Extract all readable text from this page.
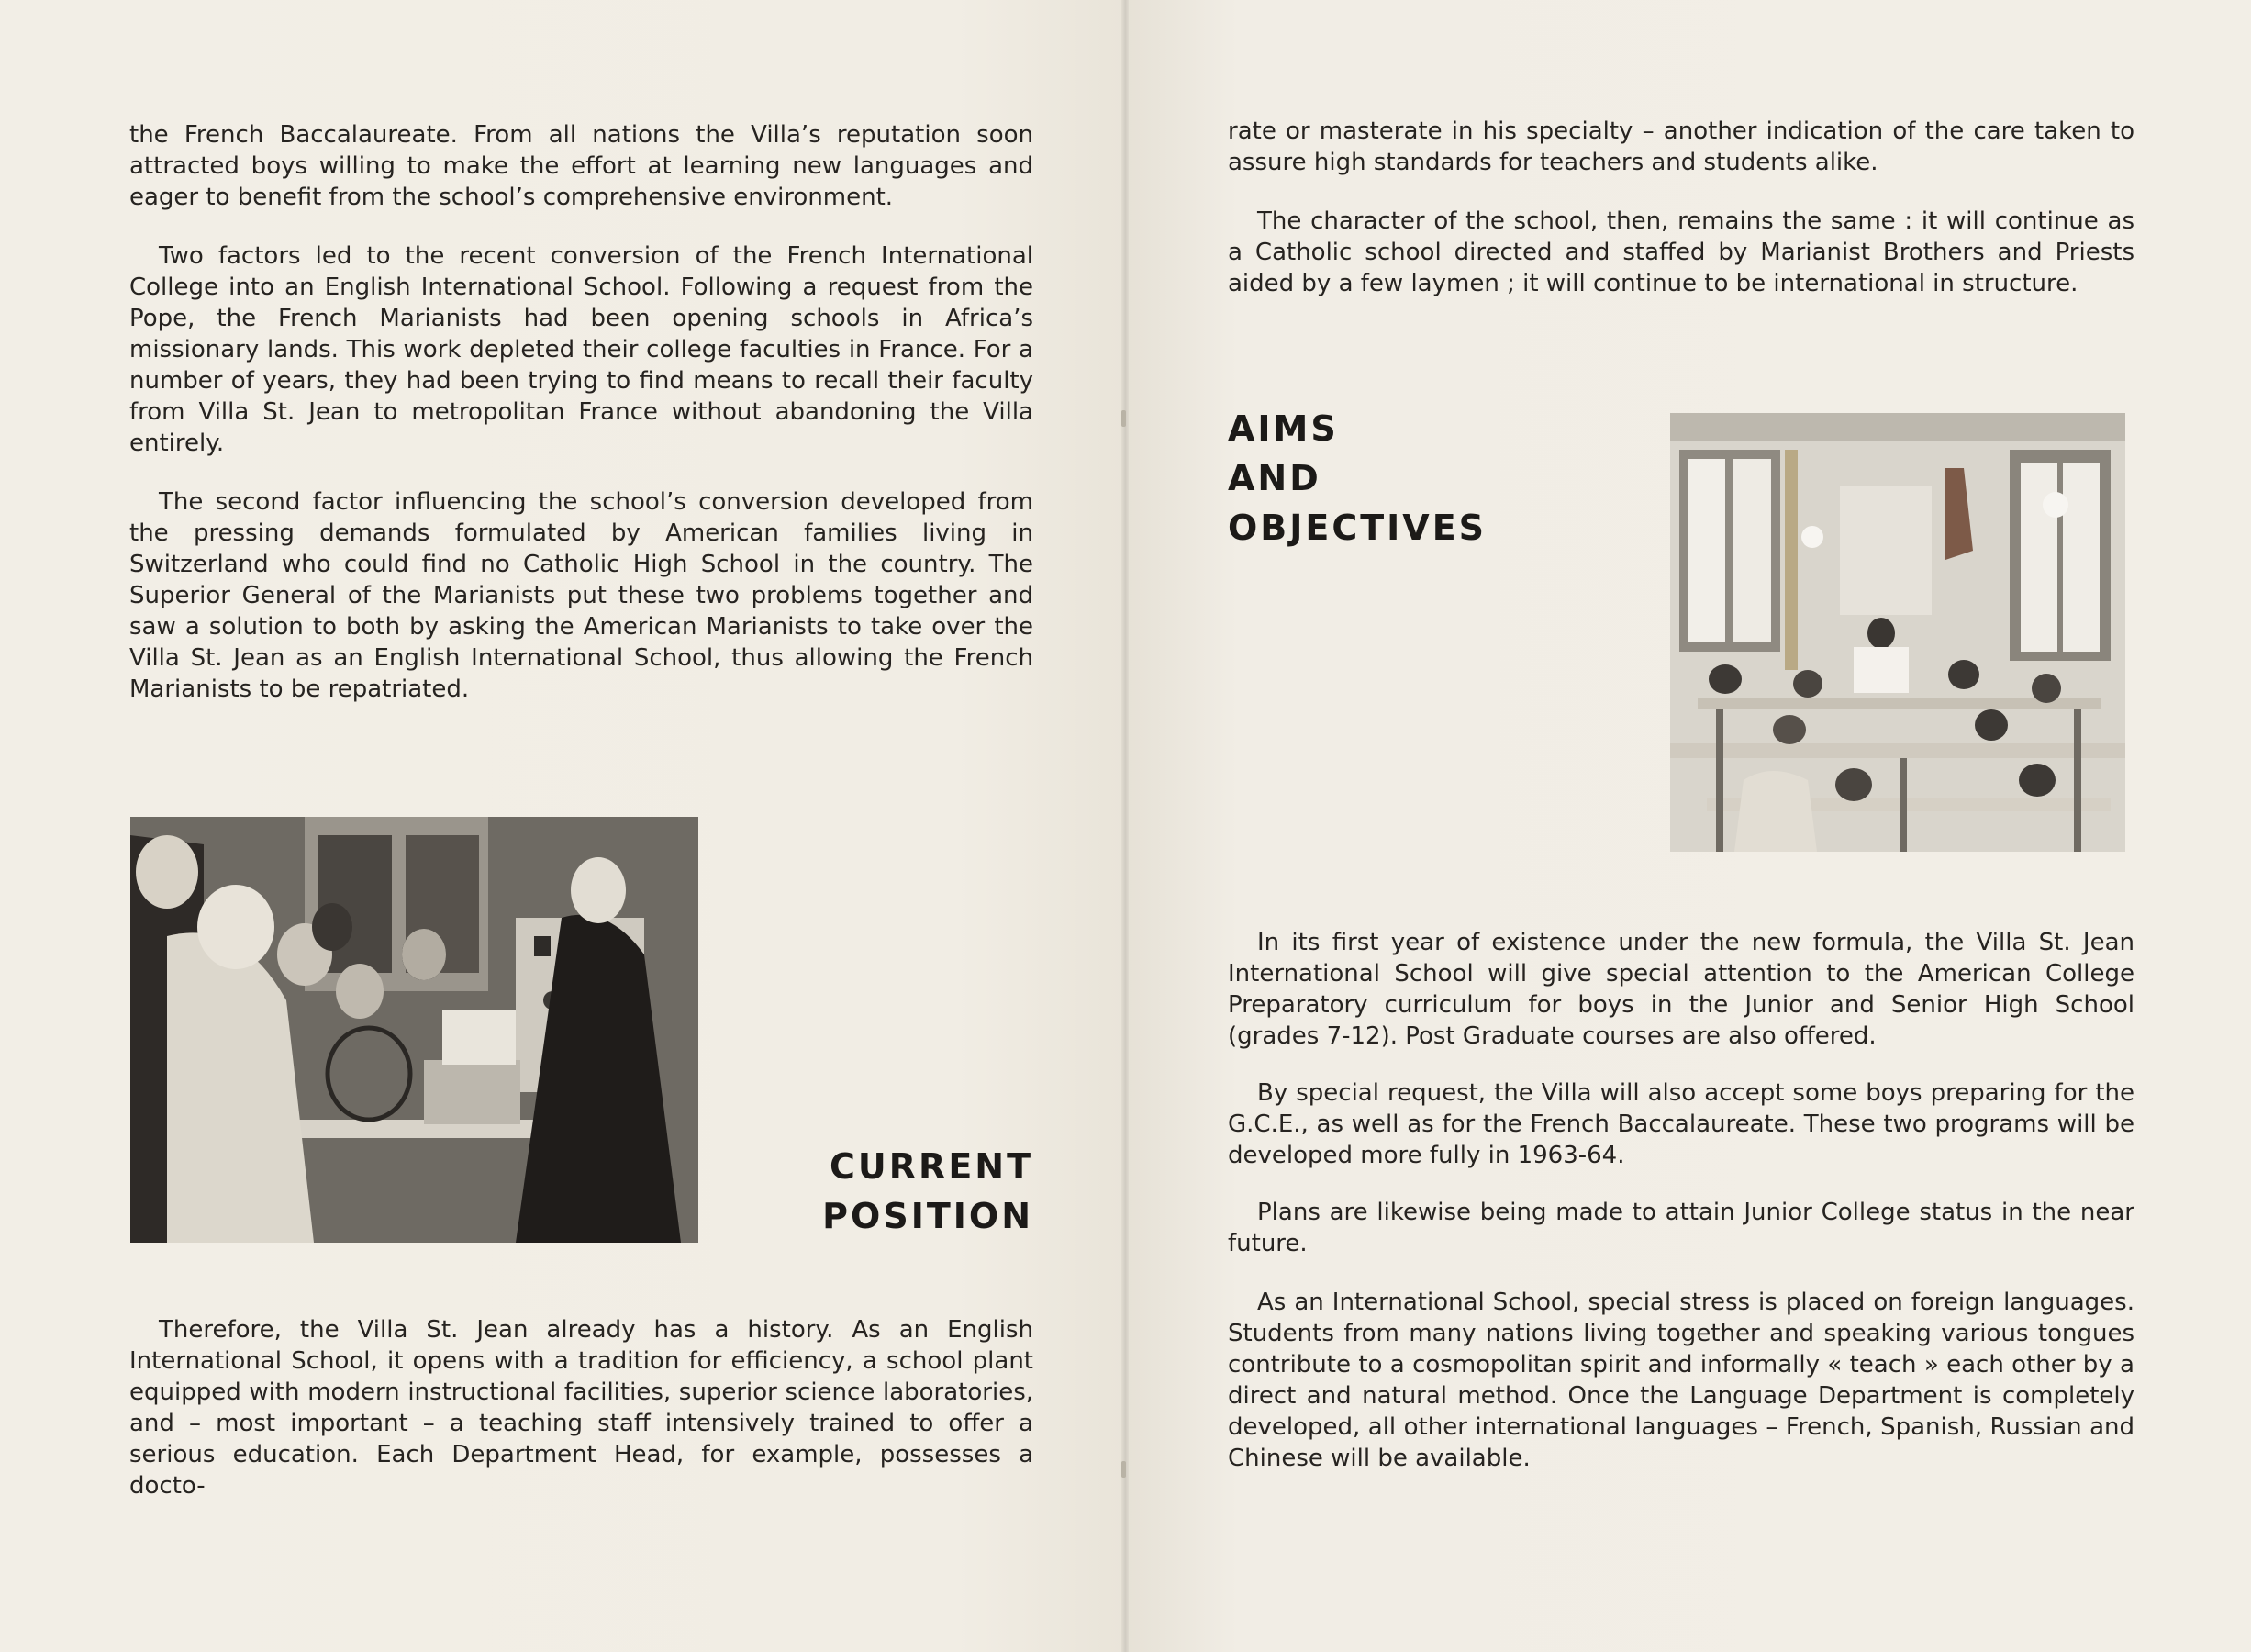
the French Baccalaureate. From all nations the Villa’s reputation soon attracted boys willing to make the effort at learning new languages and eager to benefit from the school’s comprehensive environment.

Two factors led to the recent conversion of the French International College into an English International School. Following a request from the Pope, the French Marianists had been opening schools in Africa’s missionary lands. This work depleted their college faculties in France. For a number of years, they had been trying to find means to recall their faculty from Villa St. Jean to metropolitan France without abandoning the Villa entirely.

The second factor influencing the school’s conversion developed from the pressing demands formulated by American families living in Switzerland who could find no Catholic High School in the country. The Superior General of the Marianists put these two problems together and saw a solution to both by asking the American Marianists to take over the Villa St. Jean as an English International School, thus allowing the French Marianists to be repatriated.

CURRENT
POSITION

Therefore, the Villa St. Jean already has a history. As an English International School, it opens with a tradition for efficiency, a school plant equipped with modern instructional facilities, superior science laboratories, and – most important – a teaching staff intensively trained to offer a serious education. Each Department Head, for example, possesses a docto-

rate or masterate in his specialty – another indication of the care taken to assure high standards for teachers and students alike.

The character of the school, then, remains the same : it will continue as a Catholic school directed and staffed by Marianist Brothers and Priests aided by a few laymen ; it will continue to be international in structure.

AIMS
AND
OBJECTIVES

In its first year of existence under the new formula, the Villa St. Jean International School will give special attention to the American College Preparatory curriculum for boys in the Junior and Senior High School (grades 7-12). Post Graduate courses are also offered.

By special request, the Villa will also accept some boys preparing for the G.C.E., as well as for the French Baccalaureate. These two programs will be developed more fully in 1963-64.

Plans are likewise being made to attain Junior College status in the near future.

As an International School, special stress is placed on foreign languages. Students from many nations living together and speaking various tongues contribute to a cosmopolitan spirit and informally « teach » each other by a direct and natural method. Once the Language Department is completely developed, all other international languages – French, Spanish, Russian and Chinese will be available.
